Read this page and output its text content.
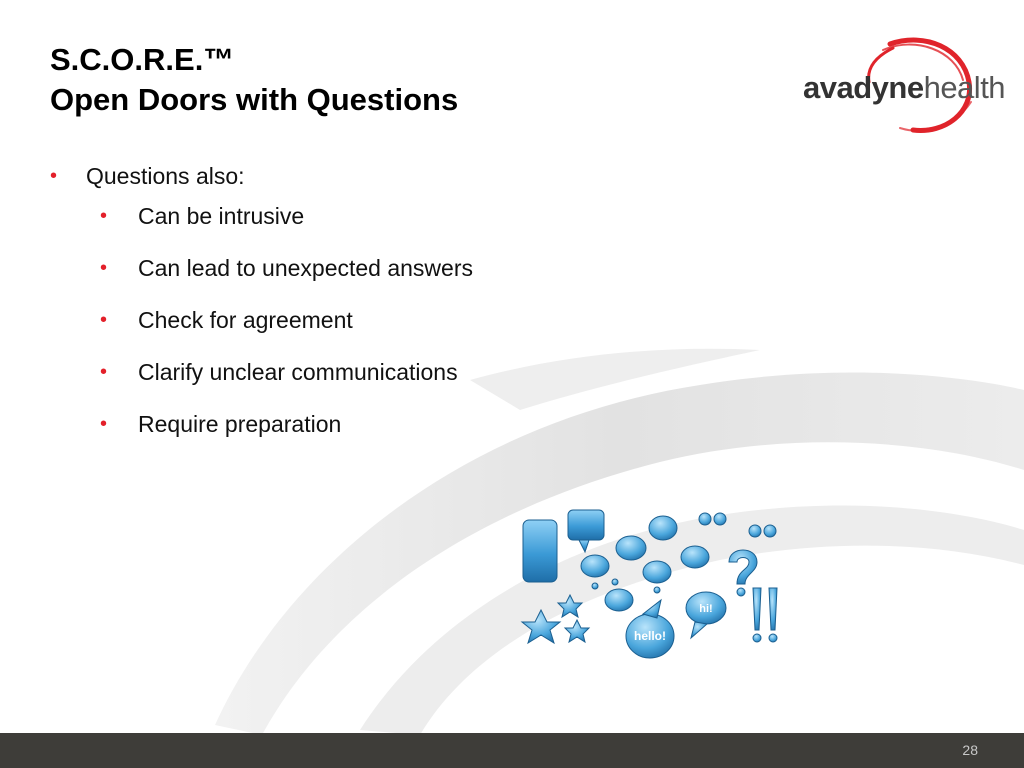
S.C.O.R.E.™
Open Doors with Questions	avadynehealth
• Questions also:
• Can be intrusive
• Can lead to unexpected answers
• Check for agreement
• Clarify unclear communications
• Require preparation
hello!
hi!
28
